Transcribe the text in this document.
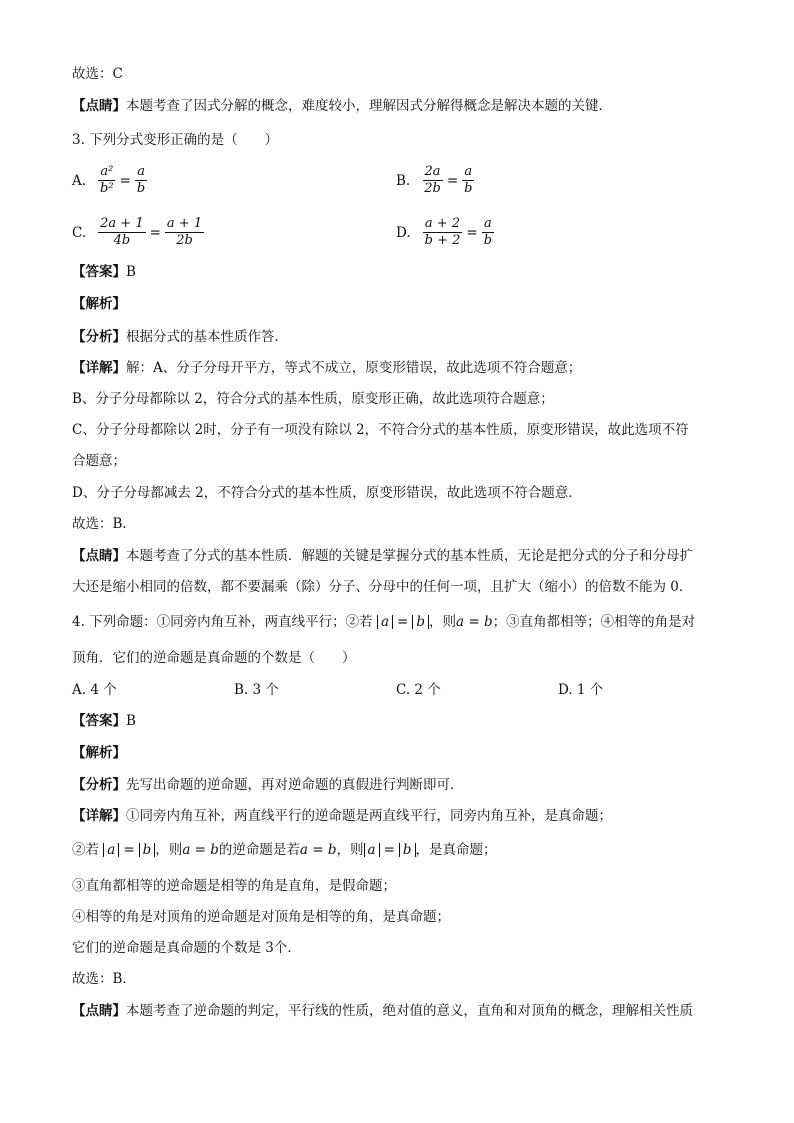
故选：C
【点睛】本题考查了因式分解的概念，难度较小，理解因式分解得概念是解决本题的关键．
3. 下列分式变形正确的是（　　）
A. $\frac{\text{a²}}{\text{b²}} = \frac{a}{b}$	B. $\frac{2a}{2b} = \frac{a}{b}$
C. $\frac{2a + 1}{4b} = \frac{a + 1}{2b}$	D. $\frac{a + 2}{b + 2} = \frac{a}{b}$
【答案】B
【解析】
【分析】根据分式的基本性质作答．
【详解】解：A、分子分母开平方，等式不成立，原变形错误，故此选项不符合题意；
B、分子分母都除以 2，符合分式的基本性质，原变形正确，故此选项符合题意；
C、分子分母都除以 2时，分子有一项没有除以 2，不符合分式的基本性质，原变形错误，故此选项不符
合题意；
D、分子分母都减去 2，不符合分式的基本性质，原变形错误，故此选项不符合题意．
故选：B．
【点睛】本题考查了分式的基本性质．解题的关键是掌握分式的基本性质，无论是把分式的分子和分母扩
大还是缩小相同的倍数，都不要漏乘（除）分子、分母中的任何一项，且扩大（缩小）的倍数不能为 0．
4. 下列命题：①同旁内角互补，两直线平行；②若 a = b ，则a = b；③直角都相等；④相等的角是对
顶角．它们的逆命题是真命题的个数是（　　）
A. 4 个	B. 3 个	C. 2 个	D. 1 个
【答案】B
【解析】
【分析】先写出命题的逆命题，再对逆命题的真假进行判断即可．
【详解】①同旁内角互补，两直线平行的逆命题是两直线平行，同旁内角互补，是真命题；
②若 a = b ，则a = b的逆命题是若a = b，则 a = b ，是真命题；
③直角都相等的逆命题是相等的角是直角，是假命题；
④相等的角是对顶角的逆命题是对顶角是相等的角，是真命题；
它们的逆命题是真命题的个数是 3个．
故选：B．
【点睛】本题考查了逆命题的判定，平行线的性质，绝对值的意义，直角和对顶角的概念，理解相关性质
